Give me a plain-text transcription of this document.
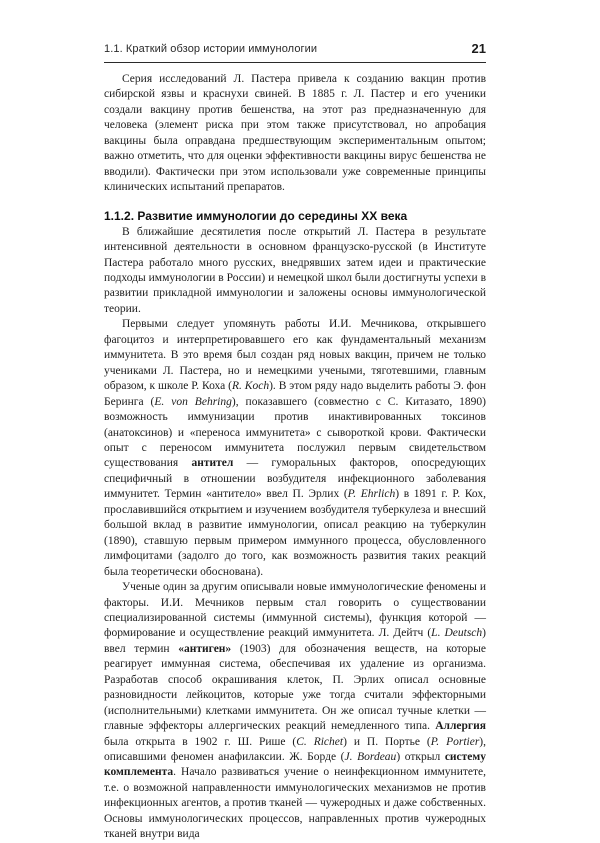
1.1. Краткий обзор истории иммунологии	21

Серия исследований Л. Пастера привела к созданию вакцин против сибирской язвы и краснухи свиней. В 1885 г. Л. Пастер и его ученики создали вакцину против бешенства, на этот раз предназначенную для человека (элемент риска при этом также присутствовал, но апробация вакцины была оправдана предшествующим экспериментальным опытом; важно отметить, что для оценки эффективности вакцины вирус бешенства не вводили). Фактически при этом использовали уже современные принципы клинических испытаний препаратов.

1.1.2. Развитие иммунологии до середины XX века

В ближайшие десятилетия после открытий Л. Пастера в результате интенсивной деятельности в основном французско-русской (в Институте Пастера работало много русских, внедрявших затем идеи и практические подходы иммунологии в России) и немецкой школ были достигнуты успехи в развитии прикладной иммунологии и заложены основы иммунологической теории.

Первыми следует упомянуть работы И.И. Мечникова, открывшего фагоцитоз и интерпретировавшего его как фундаментальный механизм иммунитета. В это время был создан ряд новых вакцин, причем не только учениками Л. Пастера, но и немецкими учеными, тяготевшими, главным образом, к школе Р. Коха (R. Koch). В этом ряду надо выделить работы Э. фон Беринга (E. von Behring), показавшего (совместно с С. Китазато, 1890) возможность иммунизации против инактивированных токсинов (анатоксинов) и «переноса иммунитета» с сывороткой крови. Фактически опыт с переносом иммунитета послужил первым свидетельством существования антител — гуморальных факторов, опосредующих специфичный в отношении возбудителя инфекционного заболевания иммунитет. Термин «антитело» ввел П. Эрлих (P. Ehrlich) в 1891 г. Р. Кох, прославившийся открытием и изучением возбудителя туберкулеза и внесший большой вклад в развитие иммунологии, описал реакцию на туберкулин (1890), ставшую первым примером иммунного процесса, обусловленного лимфоцитами (задолго до того, как возможность развития таких реакций была теоретически обоснована).

Ученые один за другим описывали новые иммунологические феномены и факторы. И.И. Мечников первым стал говорить о существовании специализированной системы (иммунной системы), функция которой — формирование и осуществление реакций иммунитета. Л. Дейтч (L. Deutsch) ввел термин «антиген» (1903) для обозначения веществ, на которые реагирует иммунная система, обеспечивая их удаление из организма. Разработав способ окрашивания клеток, П. Эрлих описал основные разновидности лейкоцитов, которые уже тогда считали эффекторными (исполнительными) клетками иммунитета. Он же описал тучные клетки — главные эффекторы аллергических реакций немедленного типа. Аллергия была открыта в 1902 г. Ш. Рише (C. Richet) и П. Портье (P. Portier), описавшими феномен анафилаксии. Ж. Борде (J. Bordeau) открыл систему комплемента. Начало развиваться учение о неинфекционном иммунитете, т.е. о возможной направленности иммунологических механизмов не против инфекционных агентов, а против тканей — чужеродных и даже собственных. Основы иммунологических процессов, направленных против чужеродных тканей внутри вида
